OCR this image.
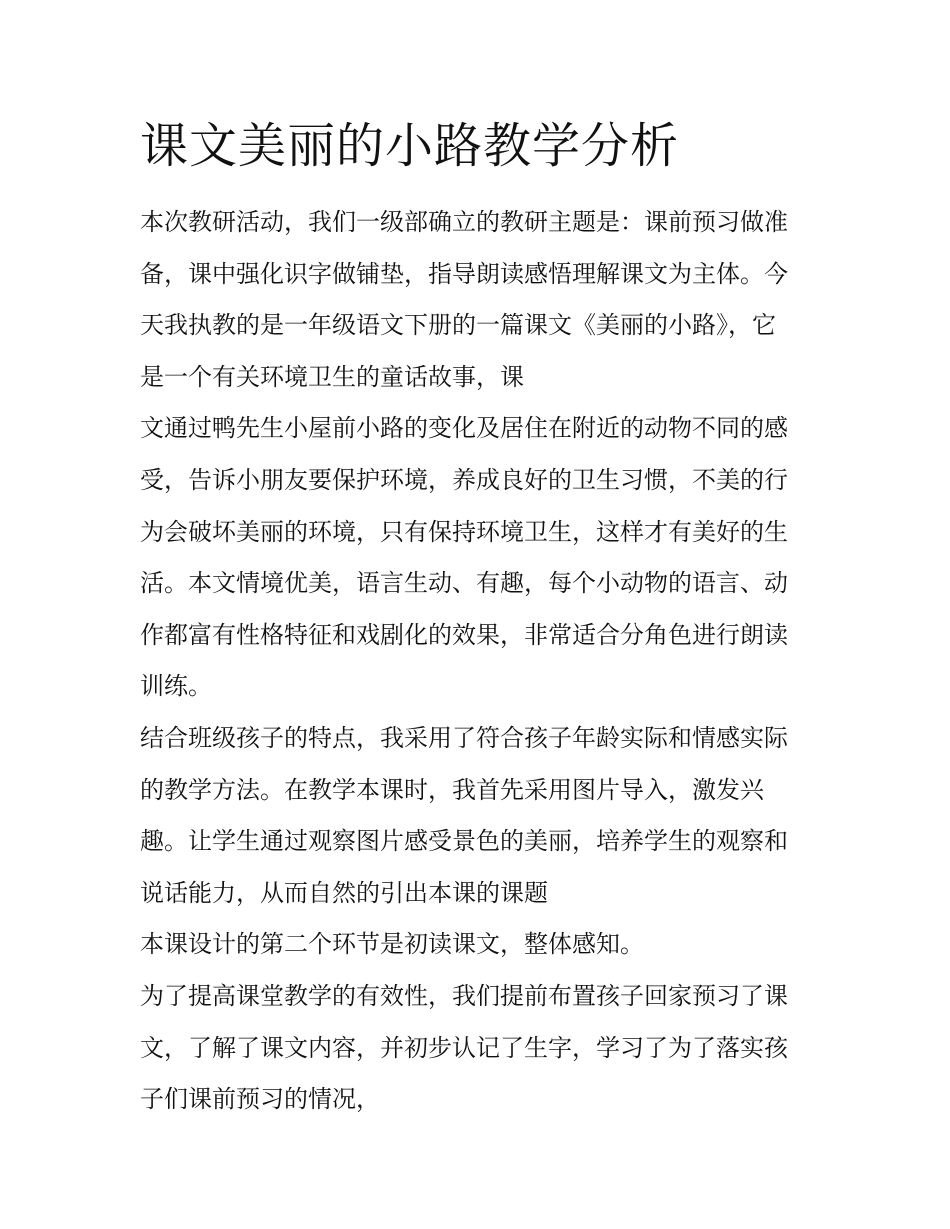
课文美丽的小路教学分析
本次教研活动，我们一级部确立的教研主题是：课前预习做准
备，课中强化识字做铺垫，指导朗读感悟理解课文为主体。今
天我执教的是一年级语文下册的一篇课文《美丽的小路》，它
是一个有关环境卫生的童话故事，课
文通过鸭先生小屋前小路的变化及居住在附近的动物不同的感
受，告诉小朋友要保护环境，养成良好的卫生习惯，不美的行
为会破坏美丽的环境，只有保持环境卫生，这样才有美好的生
活。本文情境优美，语言生动、有趣，每个小动物的语言、动
作都富有性格特征和戏剧化的效果，非常适合分角色进行朗读
训练。
结合班级孩子的特点，我采用了符合孩子年龄实际和情感实际
的教学方法。在教学本课时，我首先采用图片导入，激发兴
趣。让学生通过观察图片感受景色的美丽，培养学生的观察和
说话能力，从而自然的引出本课的课题
本课设计的第二个环节是初读课文，整体感知。
为了提高课堂教学的有效性，我们提前布置孩子回家预习了课
文，了解了课文内容，并初步认记了生字，学习了为了落实孩
子们课前预习的情况，
